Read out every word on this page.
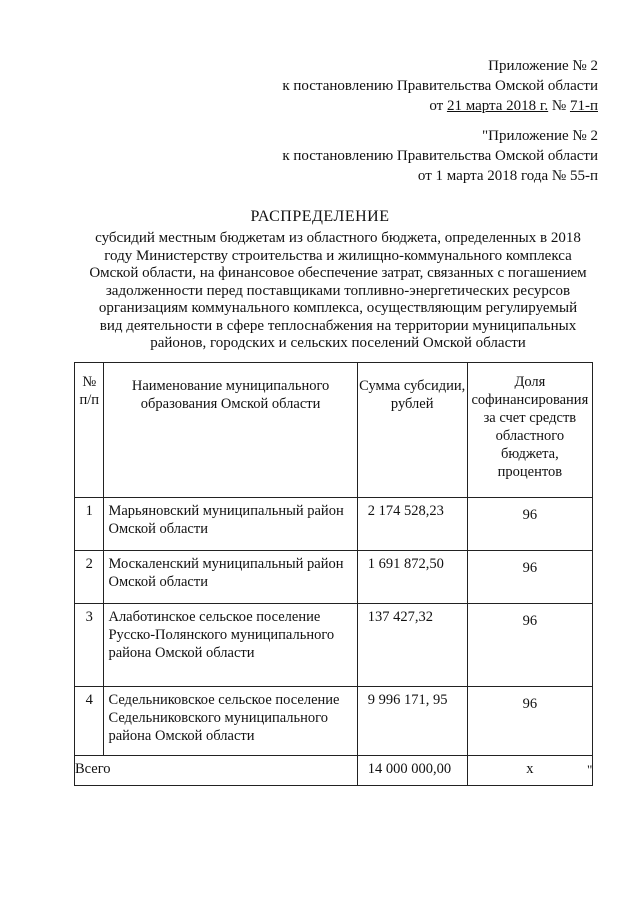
Приложение № 2
к постановлению Правительства Омской области
от 21 марта 2018 г. № 71-п
"Приложение № 2
к постановлению Правительства Омской области
от 1 марта 2018 года № 55-п
РАСПРЕДЕЛЕНИЕ
субсидий местным бюджетам из областного бюджета, определенных в 2018
году Министерству строительства и жилищно-коммунального комплекса
Омской области, на финансовое обеспечение затрат, связанных с погашением
задолженности перед поставщиками топливно-энергетических ресурсов
организациям коммунального комплекса, осуществляющим регулируемый
вид деятельности в сфере теплоснабжения на территории муниципальных
районов, городских и сельских поселений Омской области
№ п/п	Наименование муниципального образования Омской области	Сумма субсидии, рублей	Доля софинансирования за счет средств областного бюджета, процентов
1	Марьяновский муниципальный район Омской области	2 174 528,23	96
2	Москаленский муниципальный район Омской области	1 691 872,50	96
3	Алаботинское сельское поселение Русско-Полянского муниципального района Омской области	137 427,32	96
4	Седельниковское сельское поселение Седельниковского муниципального района Омской области	9 996 171, 95	96
Всего		14 000 000,00	х	"
